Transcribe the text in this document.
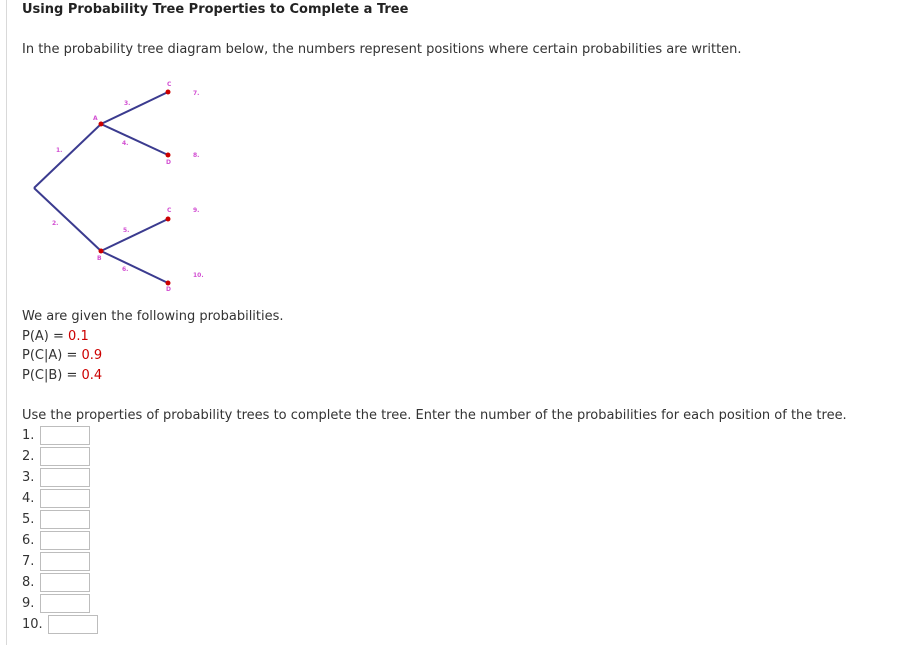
Using Probability Tree Properties to Complete a Tree
In the probability tree diagram below, the numbers represent positions where certain probabilities are written.
A
B
C
D
C
D
1.
2.
3.
4.
5.
6.
7.
8.
9.
10.
We are given the following probabilities.
P(A) = 0.1
P(C|A) = 0.9
P(C|B) = 0.4
Use the properties of probability trees to complete the tree. Enter the number of the probabilities for each position of the tree.
1.
2.
3.
4.
5.
6.
7.
8.
9.
10.
